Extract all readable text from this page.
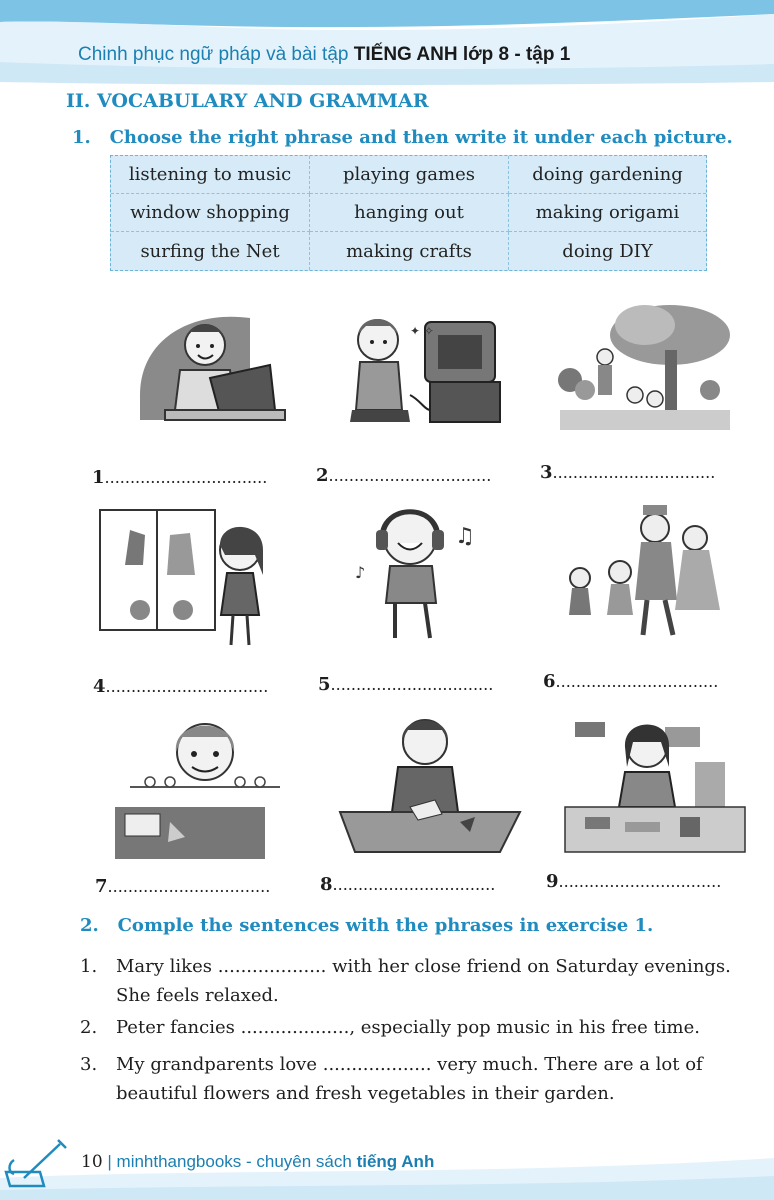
Chinh phục ngữ pháp và bài tập TIẾNG ANH lớp 8 - tập 1
II. VOCABULARY AND GRAMMAR
1. Choose the right phrase and then write it under each picture.
listening to music	playing games	doing gardening
window shopping	hanging out	making origami
surfing the Net	making crafts	doing DIY
✦ ✧
♫
♪
1................................	2................................	3................................
4................................	5................................	6................................
7................................	8................................	9................................
2. Comple the sentences with the phrases in exercise 1.
1. Mary likes ................... with her close friend on Saturday evenings. She feels relaxed.
2. Peter fancies ..................., especially pop music in his free time.
3. My grandparents love ................... very much. There are a lot of beautiful flowers and fresh vegetables in their garden.
10 | minhthangbooks - chuyên sách tiếng Anh
